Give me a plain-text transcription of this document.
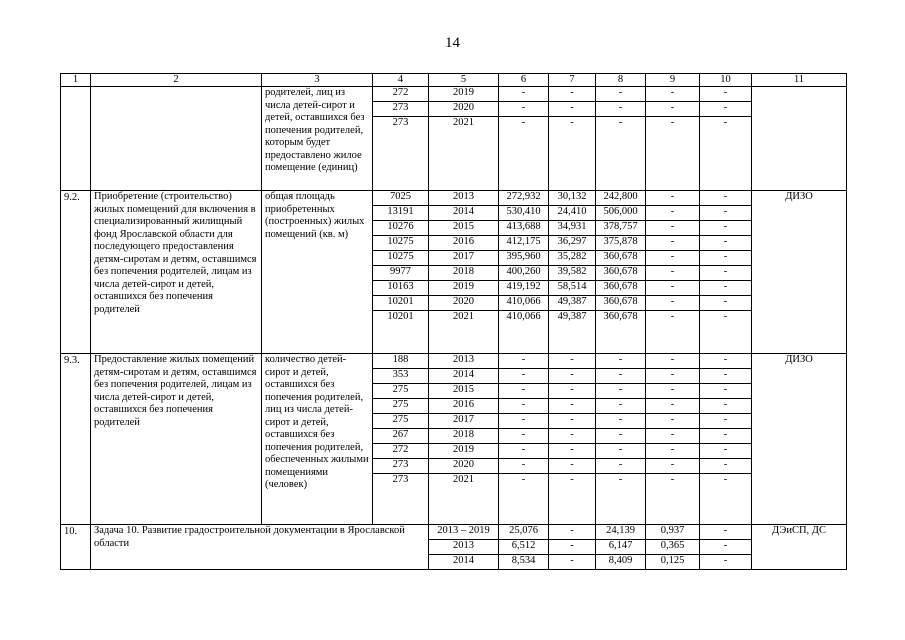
14
1	2	3	4	5	6	7	8	9	10	11
		родителей, лиц из числа детей-сирот и детей, оставшихся без попечения родителей, которым будет предоставлено жилое помещение (единиц)	272	2019	-	-	-	-	-	
			273	2020	-	-	-	-	-	
			273	2021	-	-	-	-	-	
9.2.	Приобретение (строительство) жилых помещений для включения в специализированный жилищный фонд Ярославской области для последующего предоставления детям-сиротам и детям, оставшимся без попечения родителей, лицам из числа детей-сирот и детей, оставшихся без попечения родителей	общая площадь приобретенных (построенных) жилых помещений (кв. м)	7025	2013	272,932	30,132	242,800	-	-	ДИЗО
			13191	2014	530,410	24,410	506,000	-	-	
			10276	2015	413,688	34,931	378,757	-	-	
			10275	2016	412,175	36,297	375,878	-	-	
			10275	2017	395,960	35,282	360,678	-	-	
			9977	2018	400,260	39,582	360,678	-	-	
			10163	2019	419,192	58,514	360,678	-	-	
			10201	2020	410,066	49,387	360,678	-	-	
			10201	2021	410,066	49,387	360,678	-	-	
9.3.	Предоставление жилых помещений детям-сиротам и детям, оставшимся без попечения родителей, лицам из числа детей-сирот и детей, оставшихся без попечения родителей	количество детей-сирот и детей, оставшихся без попечения родителей, лиц из числа детей-сирот и детей, оставшихся без попечения родителей, обеспеченных жилыми помещениями (человек)	188	2013	-	-	-	-	-	ДИЗО
			353	2014	-	-	-	-	-	
			275	2015	-	-	-	-	-	
			275	2016	-	-	-	-	-	
			275	2017	-	-	-	-	-	
			267	2018	-	-	-	-	-	
			272	2019	-	-	-	-	-	
			273	2020	-	-	-	-	-	
			273	2021	-	-	-	-	-	
10.	Задача 10. Развитие градостроительной документации в Ярославской области			2013 – 2019	25,076	-	24,139	0,937	-	ДЭиСП, ДС
				2013	6,512	-	6,147	0,365	-	
				2014	8,534	-	8,409	0,125	-	
